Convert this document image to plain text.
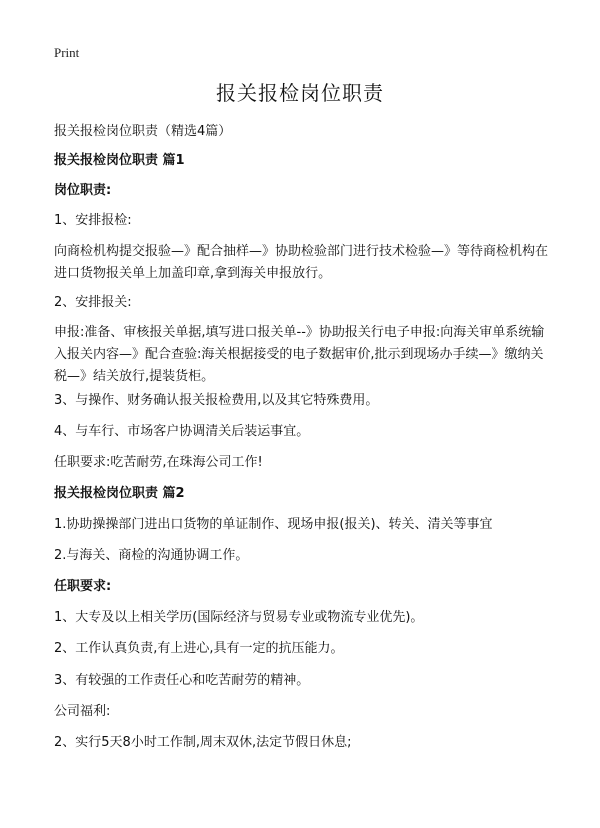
Print
报关报检岗位职责

报关报检岗位职责（精选4篇）

报关报检岗位职责 篇1

岗位职责:

1、安排报检:

向商检机构提交报验—》配合抽样—》协助检验部门进行技术检验—》等待商检机构在进口货物报关单上加盖印章,拿到海关申报放行。

2、安排报关:

申报:准备、审核报关单据,填写进口报关单--》协助报关行电子申报:向海关审单系统输入报关内容—》配合查验:海关根据接受的电子数据审价,批示到现场办手续—》缴纳关税—》结关放行,提装货柜。

3、与操作、财务确认报关报检费用,以及其它特殊费用。

4、与车行、市场客户协调清关后装运事宜。

任职要求:吃苦耐劳,在珠海公司工作!

报关报检岗位职责 篇2

1.协助操操部门进出口货物的单证制作、现场申报(报关)、转关、清关等事宜

2.与海关、商检的沟通协调工作。

任职要求:

1、大专及以上相关学历(国际经济与贸易专业或物流专业优先)。

2、工作认真负责,有上进心,具有一定的抗压能力。

3、有较强的工作责任心和吃苦耐劳的精神。

公司福利:

2、实行5天8小时工作制,周末双休,法定节假日休息;
